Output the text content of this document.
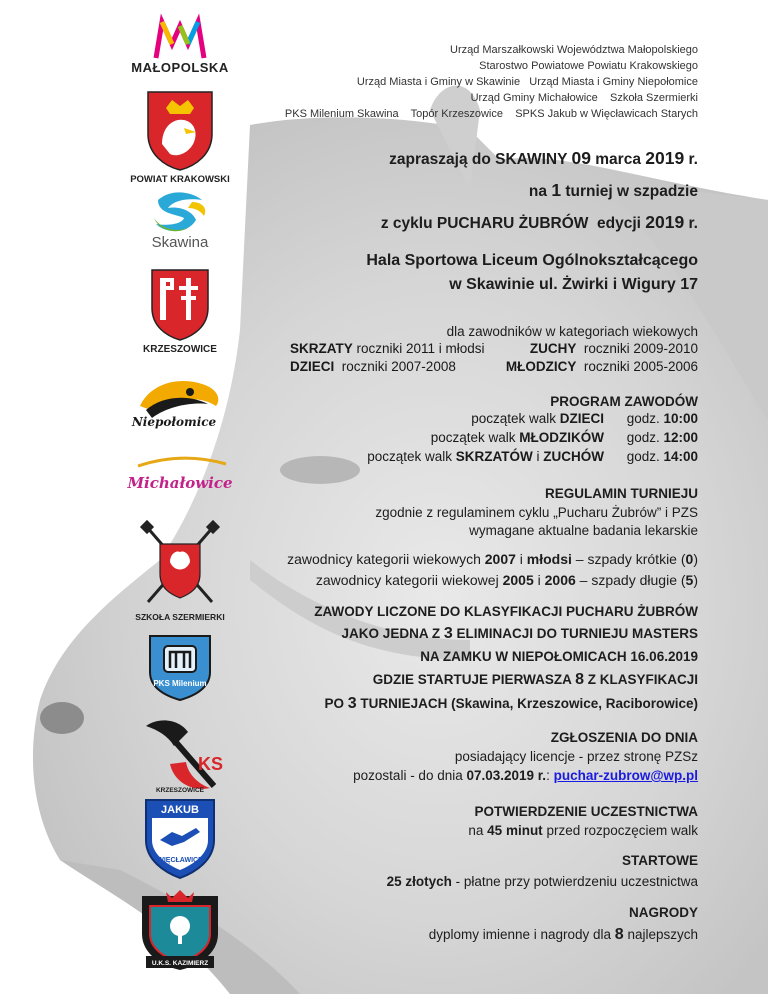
MAŁOPOLSKA
POWIAT KRAKOWSKI
Skawina
KRZESZOWICE
Niepołomice
Michałowice
SZKOŁA SZERMIERKI
PKS Milenium
KS
KRZESZOWICE
JAKUB
WIĘCŁAWICE
U.K.S. KAZIMIERZ
Urząd Marszałkowski Województwa Małopolskiego
Starostwo Powiatowe Powiatu Krakowskiego
Urząd Miasta i Gminy w Skawinie   Urząd Miasta i Gminy Niepołomice
Urząd Gminy Michałowice    Szkoła Szermierki
PKS Milenium Skawina    Topór Krzeszowice    SPKS Jakub w Więcławicach Starych
zapraszają do SKAWINY 09 marca 2019 r.
na 1 turniej w szpadzie
z cyklu PUCHARU ŻUBRÓW  edycji 2019 r.
Hala Sportowa Liceum Ogólnokształcącego
w Skawinie ul. Żwirki i Wigury 17
dla zawodników w kategoriach wiekowych
SKRZATY roczniki 2011 i młodsi	ZUCHY  roczniki 2009-2010
DZIECI  roczniki 2007-2008	MŁODZICY  roczniki 2005-2006
PROGRAM ZAWODÓW
początek walk DZIECI godz. 10:00
początek walk MŁODZIKÓW godz. 12:00
początek walk SKRZATÓW i ZUCHÓW godz. 14:00
REGULAMIN TURNIEJU
zgodnie z regulaminem cyklu „Pucharu Żubrów” i PZS
wymagane aktualne badania lekarskie
zawodnicy kategorii wiekowych 2007 i młodsi – szpady krótkie (0)
zawodnicy kategorii wiekowej 2005 i 2006 – szpady długie (5)
ZAWODY LICZONE DO KLASYFIKACJI PUCHARU ŻUBRÓW
JAKO JEDNA Z 3 ELIMINACJI DO TURNIEJU MASTERS
NA ZAMKU W NIEPOŁOMICACH 16.06.2019
GDZIE STARTUJE PIERWASZA 8 Z KLASYFIKACJI
PO 3 TURNIEJACH (Skawina, Krzeszowice, Raciborowice)
ZGŁOSZENIA DO DNIA
posiadający licencje - przez stronę PZSz
pozostali - do dnia 07.03.2019 r.: puchar-zubrow@wp.pl
POTWIERDZENIE UCZESTNICTWA
na 45 minut przed rozpoczęciem walk
STARTOWE
25 złotych - płatne przy potwierdzeniu uczestnictwa
NAGRODY
dyplomy imienne i nagrody dla 8 najlepszych
